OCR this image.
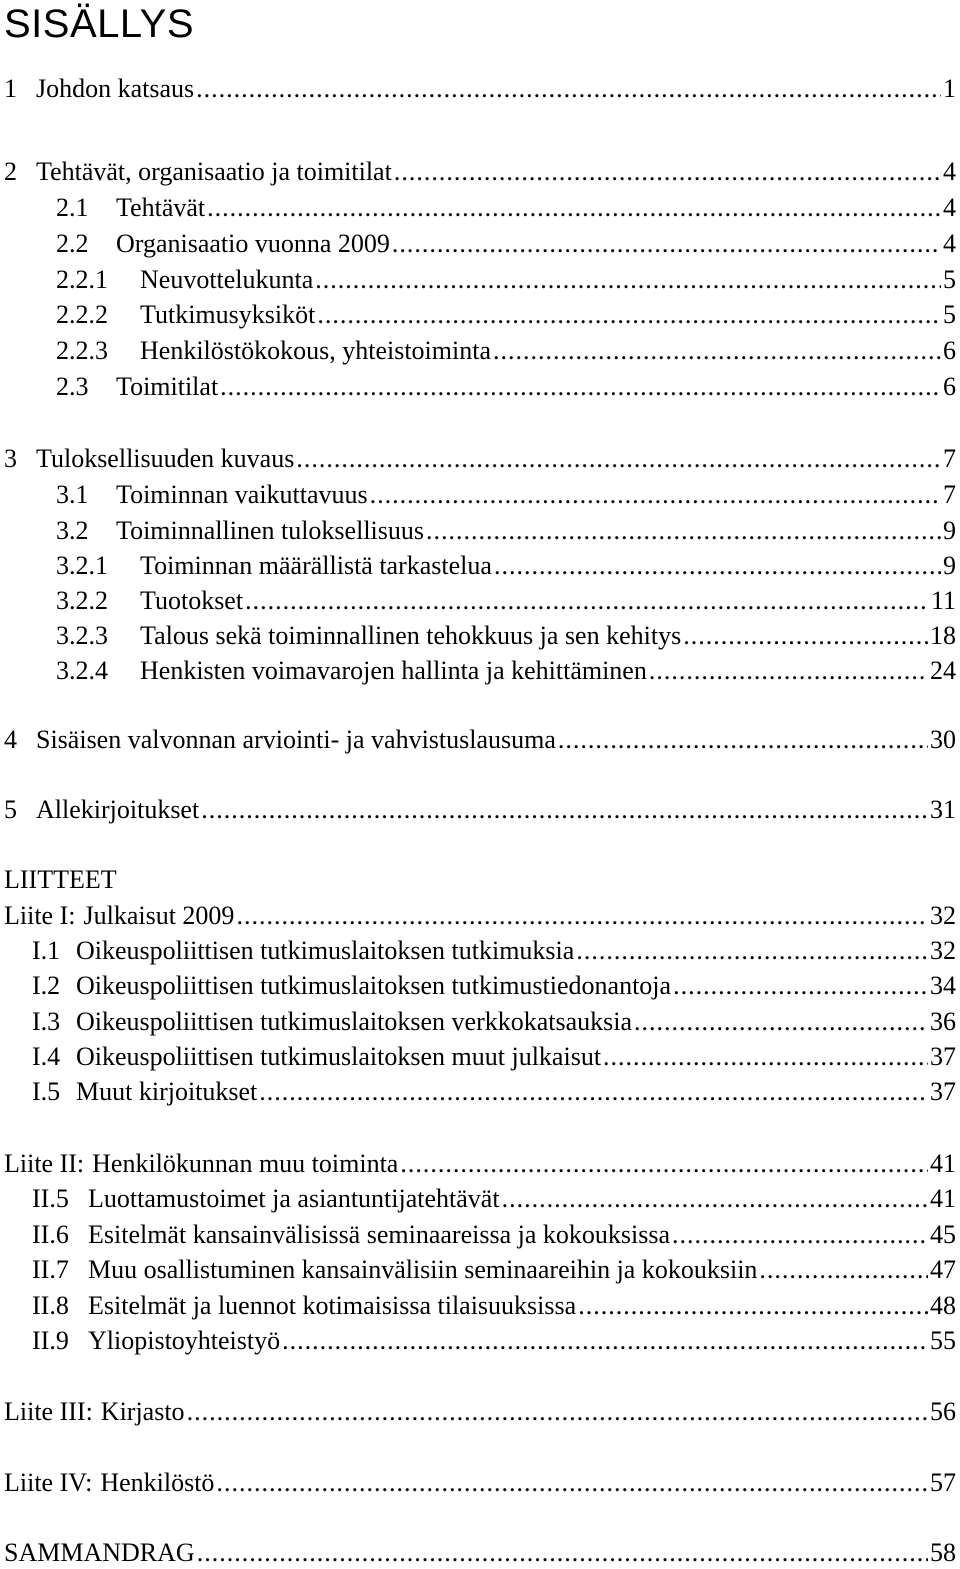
SISÄLLYS
LIITTEET
1 Johdon katsaus .....	1
2 Tehtävät, organisaatio ja toimitilat .....	4
2.1	Tehtävät .....	4
2.2	Organisaatio vuonna 2009 .....	4
2.2.1	Neuvottelukunta .....	5
2.2.2	Tutkimusyksiköt .....	5
2.2.3	Henkilöstökokous, yhteistoiminta .....	6
2.3	Toimitilat .....	6
3 Tuloksellisuuden kuvaus .....	7
3.1	Toiminnan vaikuttavuus .....	7
3.2	Toiminnallinen tuloksellisuus .....	9
3.2.1	Toiminnan määrällistä tarkastelua .....	9
3.2.2	Tuotokset .....	11
3.2.3	Talous sekä toiminnallinen tehokkuus ja sen kehitys .....	18
3.2.4	Henkisten voimavarojen hallinta ja kehittäminen .....	24
4 Sisäisen valvonnan arviointi- ja vahvistuslausuma .....	30
5 Allekirjoitukset .....	31
Liite I: Julkaisut 2009 .....	32
I.1 Oikeuspoliittisen tutkimuslaitoksen tutkimuksia .....	32
I.2 Oikeuspoliittisen tutkimuslaitoksen tutkimustiedonantoja .....	34
I.3 Oikeuspoliittisen tutkimuslaitoksen verkkokatsauksia .....	36
I.4 Oikeuspoliittisen tutkimuslaitoksen muut julkaisut .....	37
I.5 Muut kirjoitukset .....	37
Liite II: Henkilökunnan muu toiminta .....	41
II.5 Luottamustoimet ja asiantuntijatehtävät .....	41
II.6 Esitelmät kansainvälisissä seminaareissa ja kokouksissa .....	45
II.7 Muu osallistuminen kansainvälisiin seminaareihin ja kokouksiin .....	47
II.8 Esitelmät ja luennot kotimaisissa tilaisuuksissa .....	48
II.9 Yliopistoyhteistyö .....	55
Liite III: Kirjasto .....	56
Liite IV: Henkilöstö .....	57
SAMMANDRAG .....	58
